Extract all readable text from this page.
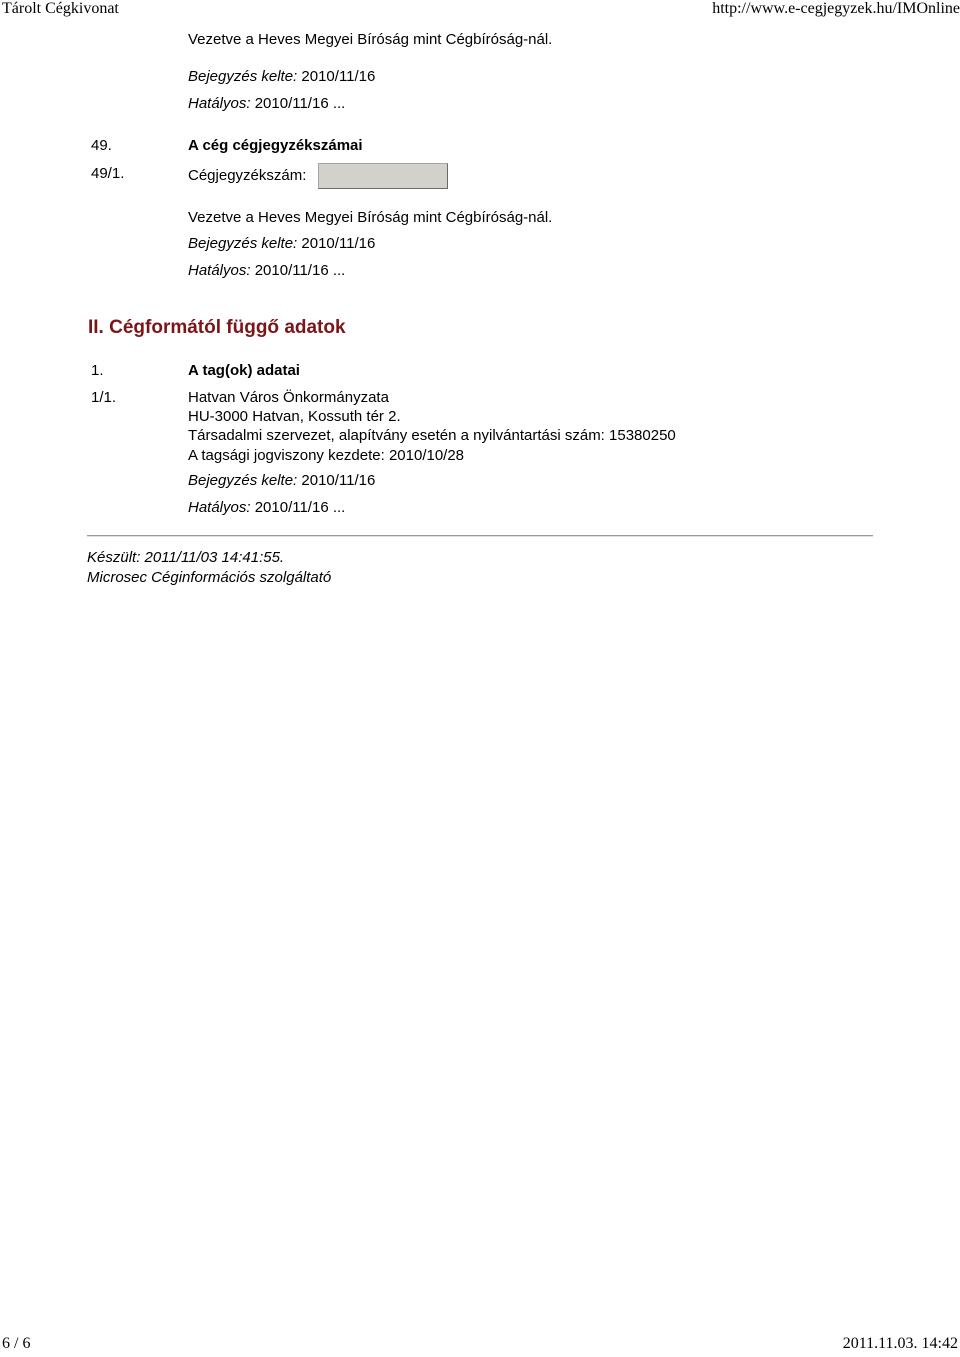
Tárolt Cégkivonat	http://www.e-cegjegyzek.hu/IMOnline
Vezetve a Heves Megyei Bíróság mint Cégbíróság-nál.
Bejegyzés kelte: 2010/11/16
Hatályos: 2010/11/16 ...
49.	A cég cégjegyzékszámai
49/1.	Cégjegyzékszám:
Vezetve a Heves Megyei Bíróság mint Cégbíróság-nál.
Bejegyzés kelte: 2010/11/16
Hatályos: 2010/11/16 ...
II. Cégformától függő adatok
1.	A tag(ok) adatai
1/1.	Hatvan Város Önkormányzata
HU-3000 Hatvan, Kossuth tér 2.
Társadalmi szervezet, alapítvány esetén a nyilvántartási szám: 15380250
A tagsági jogviszony kezdete: 2010/10/28
Bejegyzés kelte: 2010/11/16
Hatályos: 2010/11/16 ...
Készült: 2011/11/03 14:41:55.
Microsec Céginformációs szolgáltató
6 / 6	2011.11.03. 14:42
